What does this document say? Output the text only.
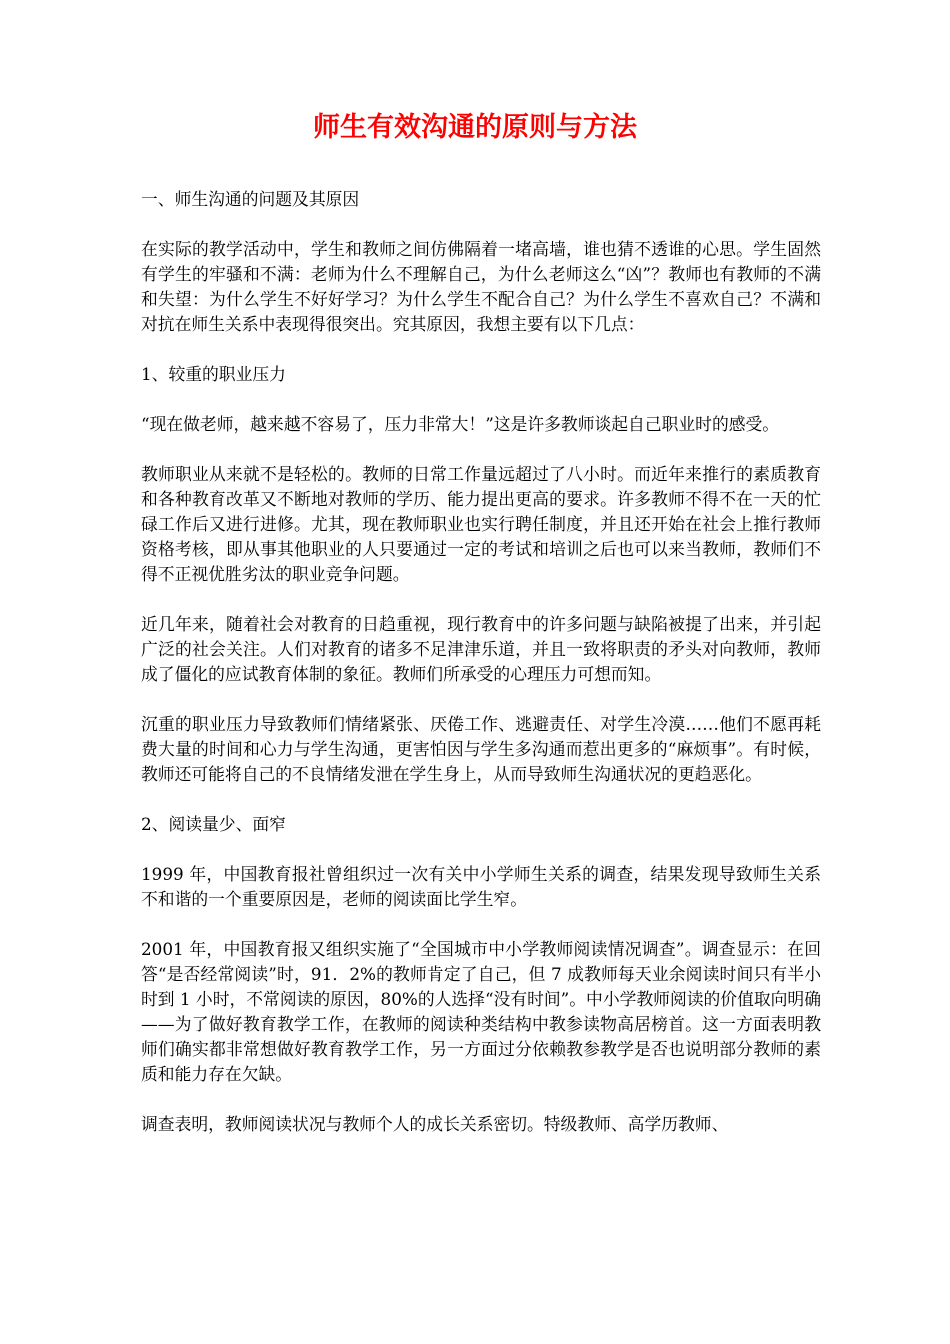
师生有效沟通的原则与方法

一、师生沟通的问题及其原因

在实际的教学活动中，学生和教师之间仿佛隔着一堵高墙，谁也猜不透谁的心思。学生固然有学生的牢骚和不满：老师为什么不理解自己，为什么老师这么“凶”？教师也有教师的不满和失望：为什么学生不好好学习？为什么学生不配合自己？为什么学生不喜欢自己？不满和对抗在师生关系中表现得很突出。究其原因，我想主要有以下几点：

1、较重的职业压力

“现在做老师，越来越不容易了，压力非常大！”这是许多教师谈起自己职业时的感受。

教师职业从来就不是轻松的。教师的日常工作量远超过了八小时。而近年来推行的素质教育和各种教育改革又不断地对教师的学历、能力提出更高的要求。许多教师不得不在一天的忙碌工作后又进行进修。尤其，现在教师职业也实行聘任制度，并且还开始在社会上推行教师资格考核，即从事其他职业的人只要通过一定的考试和培训之后也可以来当教师，教师们不得不正视优胜劣汰的职业竞争问题。

近几年来，随着社会对教育的日趋重视，现行教育中的许多问题与缺陷被提了出来，并引起广泛的社会关注。人们对教育的诸多不足津津乐道，并且一致将职责的矛头对向教师，教师成了僵化的应试教育体制的象征。教师们所承受的心理压力可想而知。

沉重的职业压力导致教师们情绪紧张、厌倦工作、逃避责任、对学生冷漠……他们不愿再耗费大量的时间和心力与学生沟通，更害怕因与学生多沟通而惹出更多的“麻烦事”。有时候，教师还可能将自己的不良情绪发泄在学生身上，从而导致师生沟通状况的更趋恶化。

2、阅读量少、面窄

1999 年，中国教育报社曾组织过一次有关中小学师生关系的调查，结果发现导致师生关系不和谐的一个重要原因是，老师的阅读面比学生窄。

2001 年，中国教育报又组织实施了“全国城市中小学教师阅读情况调查”。调查显示：在回答“是否经常阅读”时，91．2%的教师肯定了自己，但 7 成教师每天业余阅读时间只有半小时到 1 小时，不常阅读的原因，80%的人选择“没有时间”。中小学教师阅读的价值取向明确——为了做好教育教学工作，在教师的阅读种类结构中教参读物高居榜首。这一方面表明教师们确实都非常想做好教育教学工作，另一方面过分依赖教参教学是否也说明部分教师的素质和能力存在欠缺。

调查表明，教师阅读状况与教师个人的成长关系密切。特级教师、高学历教师、
